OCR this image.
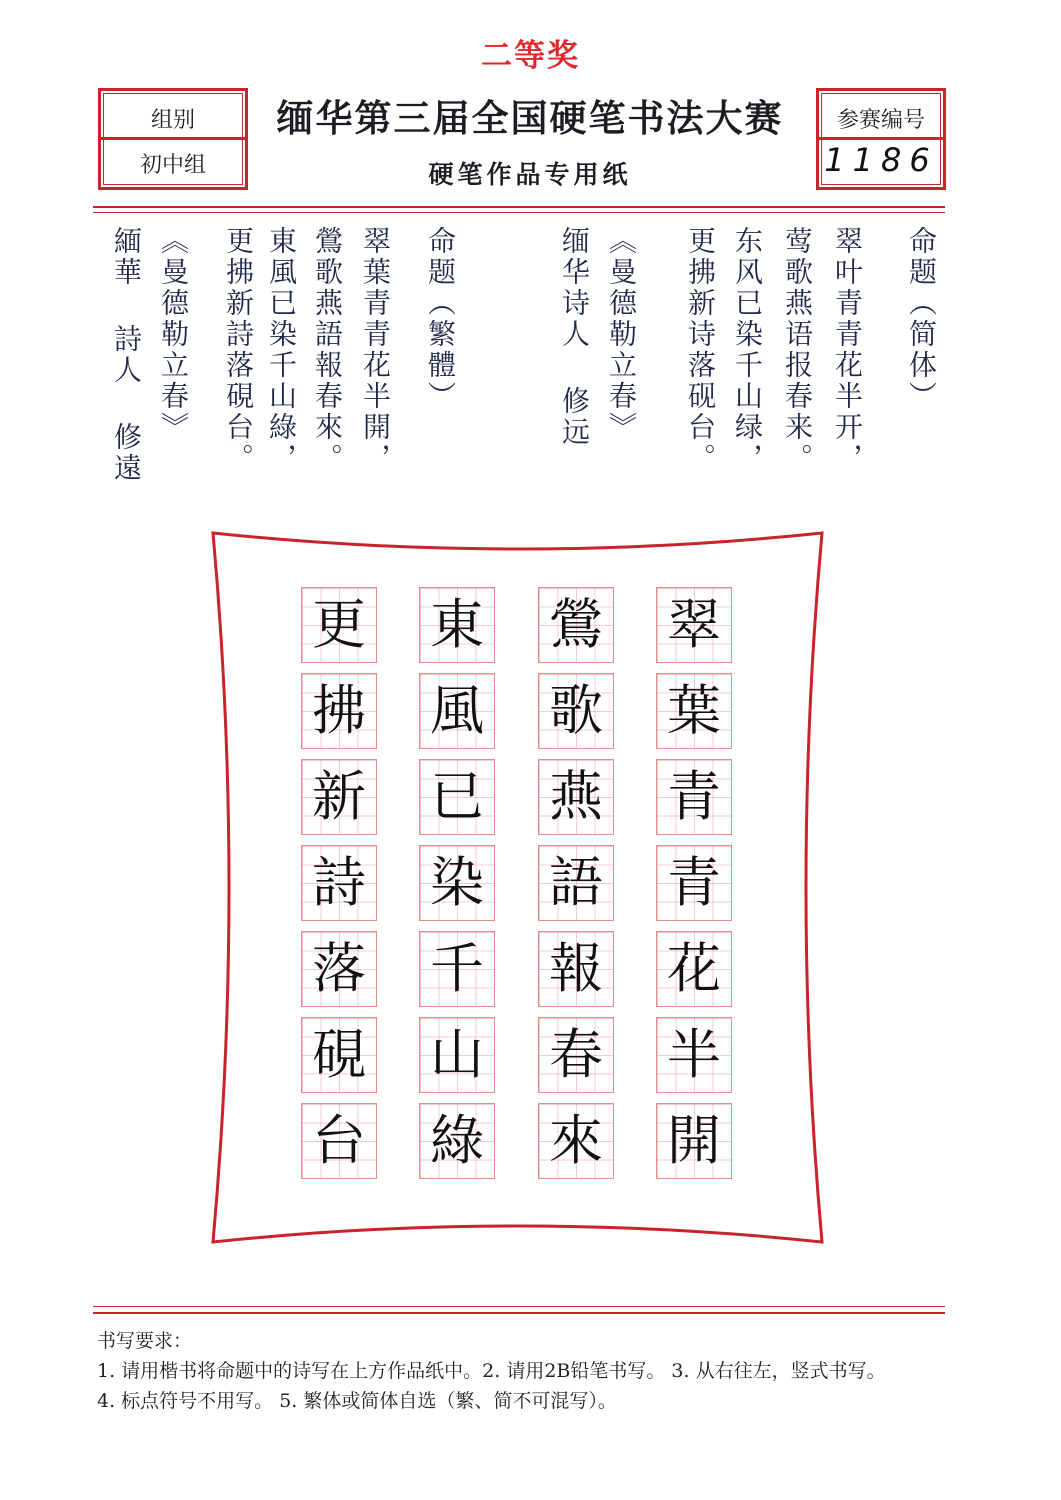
二等奖
组别
初中组
缅华第三届全国硬笔书法大赛
硬笔作品专用纸
参赛编号
1186
命题（简体）
翠叶青青花半开，
莺歌燕语报春来。
东风已染千山绿，
更拂新诗落砚台。
《曼德勒立春》
缅华诗人 修远
命题（繁體）
翠葉青青花半開，
鶯歌燕語報春來。
東風已染千山綠，
更拂新詩落硯台。
《曼德勒立春》
緬華 詩人 修遠
翠
葉
青
青
花
半
開
鶯
歌
燕
語
報
春
來
東
風
已
染
千
山
綠
更
拂
新
詩
落
硯
台
书写要求：
1. 请用楷书将命题中的诗写在上方作品纸中。2. 请用2B铅笔书写。 3. 从右往左，竖式书写。
4. 标点符号不用写。 5. 繁体或简体自选（繁、简不可混写）。
